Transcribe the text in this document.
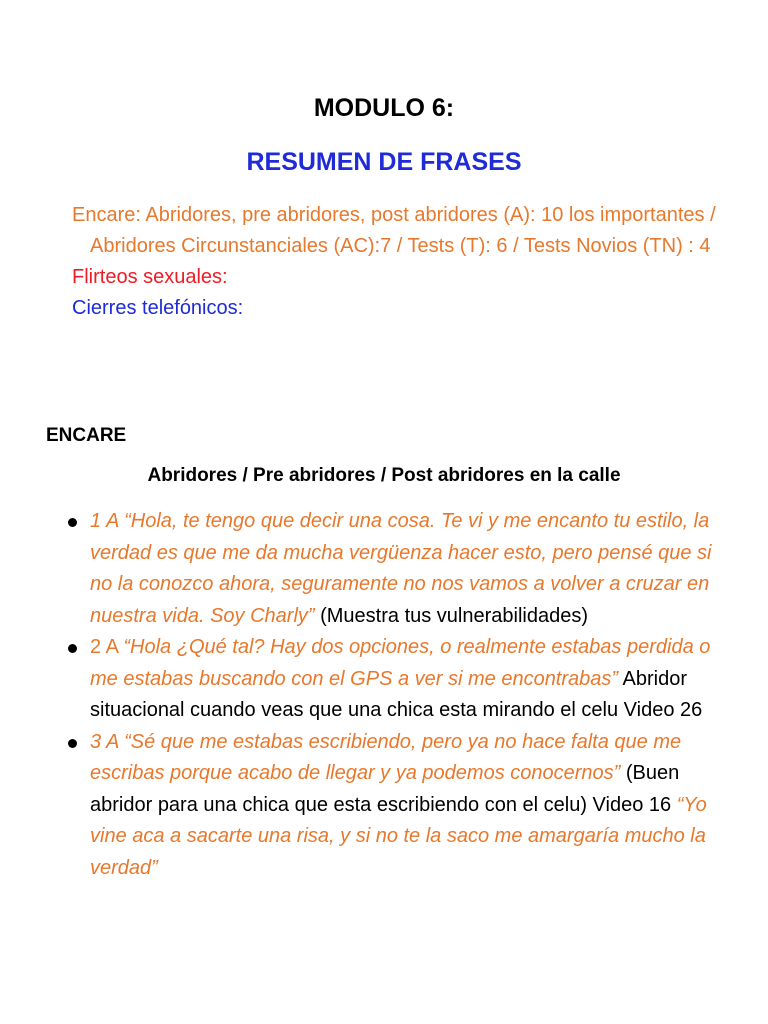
MODULO 6:
RESUMEN DE FRASES

Encare: Abridores, pre abridores, post abridores (A): 10 los importantes / Abridores Circunstanciales (AC):7 / Tests (T): 6 / Tests Novios (TN) : 4

Flirteos sexuales:

Cierres telefónicos:

ENCARE
Abridores / Pre abridores / Post abridores en la calle
1 A “Hola, te tengo que decir una cosa. Te vi y me encanto tu estilo, la verdad es que me da mucha vergüenza hacer esto, pero pensé que si no la conozco ahora, seguramente no nos vamos a volver a cruzar en nuestra vida. Soy Charly” (Muestra tus vulnerabilidades)
2 A “Hola ¿Qué tal? Hay dos opciones, o realmente estabas perdida o me estabas buscando con el GPS a ver si me encontrabas” Abridor situacional cuando veas que una chica esta mirando el celu Video 26
3 A “Sé que me estabas escribiendo, pero ya no hace falta que me escribas porque acabo de llegar y ya podemos conocernos” (Buen abridor para una chica que esta escribiendo con el celu) Video 16 “Yo vine aca a sacarte una risa, y si no te la saco me amargaría mucho la verdad”
